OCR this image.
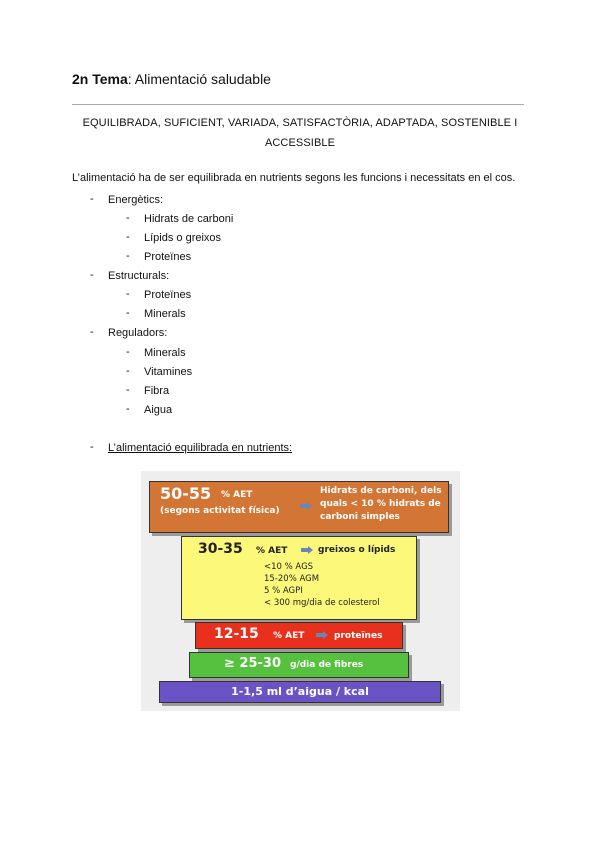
2n Tema: Alimentació saludable
EQUILIBRADA, SUFICIENT, VARIADA, SATISFACTÒRIA, ADAPTADA, SOSTENIBLE I ACCESSIBLE
L’alimentació ha de ser equilibrada en nutrients segons les funcions i necessitats en el cos.
- Energètics:
- Hidrats de carboni
- Lípids o greixos
- Proteïnes
- Estructurals:
- Proteïnes
- Minerals
- Reguladors:
- Minerals
- Vitamines
- Fibra
- Aigua
- L’alimentació equilibrada en nutrients:
50-55 % AET
(segons activitat física)
Hidrats de carboni, dels
quals < 10 % hidrats de
carboni simples
30-35 % AET	greixos o lípids
<10 % AGS
15-20% AGM
5 % AGPI
< 300 mg/dia de colesterol
12-15 % AET	proteïnes
≥ 25-30 g/dia de fibres
1-1,5 ml d’aigua / kcal
